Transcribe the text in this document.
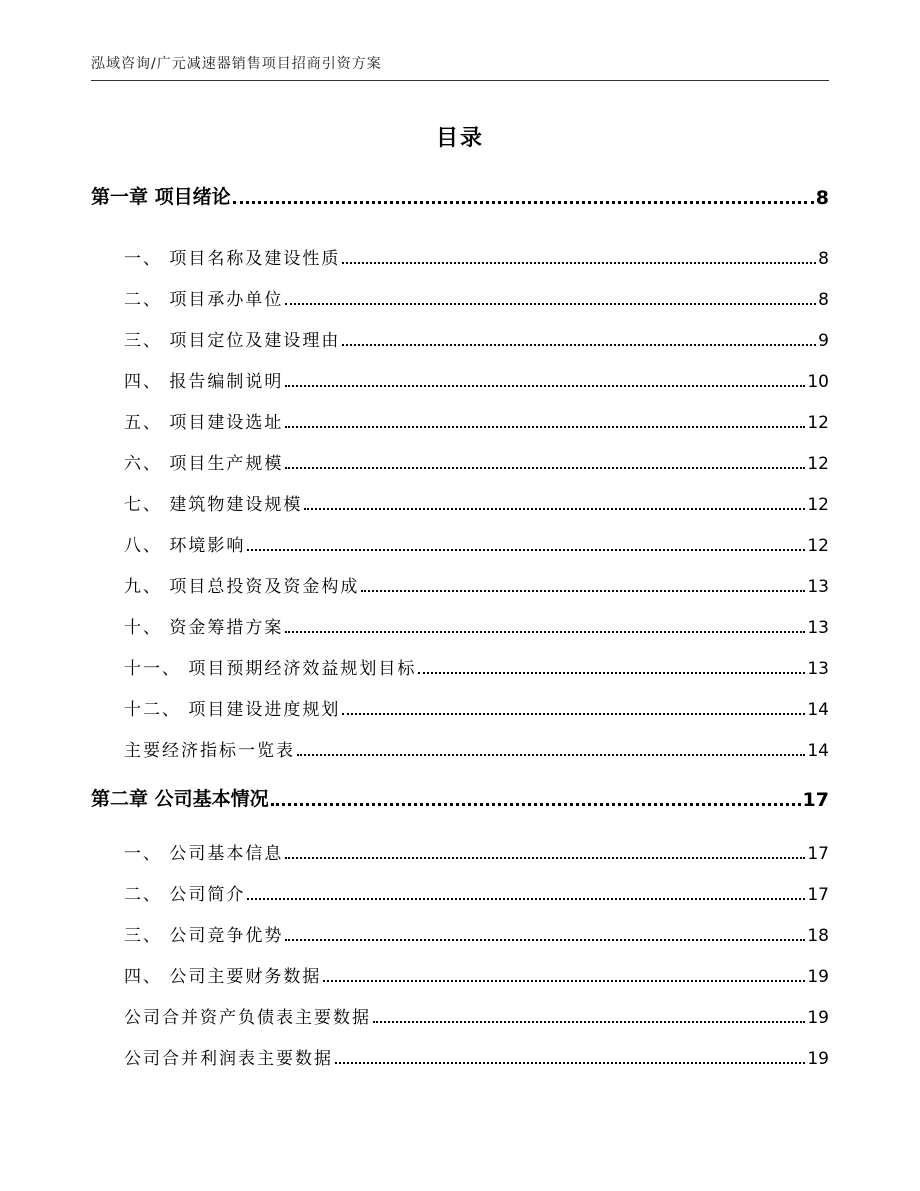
泓域咨询/广元减速器销售项目招商引资方案
目录
第一章 项目绪论	8
一、 项目名称及建设性质	8
二、 项目承办单位	8
三、 项目定位及建设理由	9
四、 报告编制说明	10
五、 项目建设选址	12
六、 项目生产规模	12
七、 建筑物建设规模	12
八、 环境影响	12
九、 项目总投资及资金构成	13
十、 资金筹措方案	13
十一、 项目预期经济效益规划目标	13
十二、 项目建设进度规划	14
主要经济指标一览表	14
第二章 公司基本情况	17
一、 公司基本信息	17
二、 公司简介	17
三、 公司竞争优势	18
四、 公司主要财务数据	19
公司合并资产负债表主要数据	19
公司合并利润表主要数据	19
